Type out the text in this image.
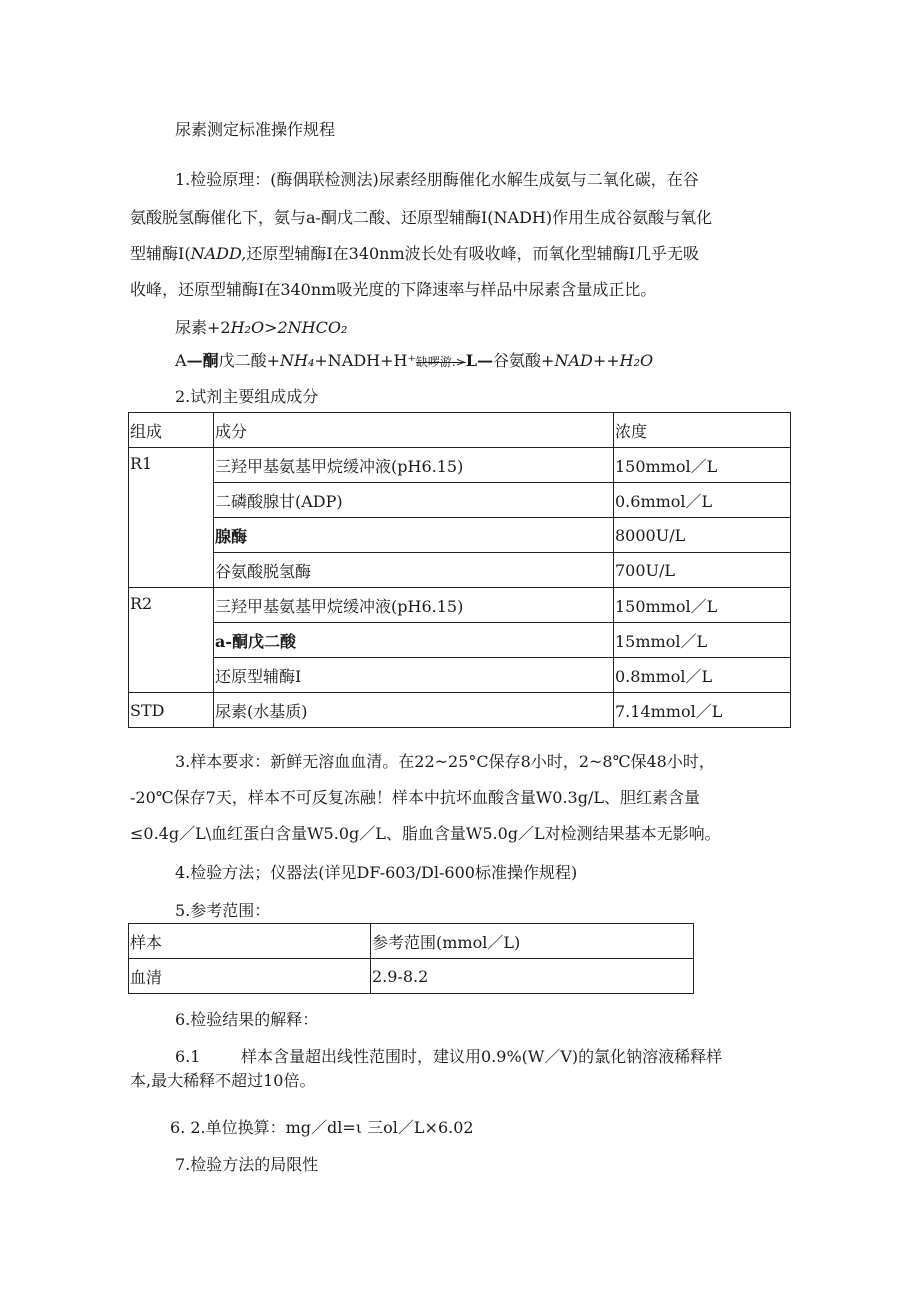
尿素测定标准操作规程
1.检验原理：(酶偶联检测法)尿素经朋酶催化水解生成氨与二氧化碳，在谷
氨酸脱氢酶催化下，氨与a-酮戊二酸、还原型辅酶Ⅰ(NADH)作用生成谷氨酸与氧化
型辅酶Ⅰ(NADD,还原型辅酶Ⅰ在340nm波长处有吸收峰，而氧化型辅酶Ⅰ几乎无吸
收峰，还原型辅酶Ⅰ在340nm吸光度的下降速率与样品中尿素含量成正比。
尿素+2H₂O>2NHCO₂
A—酮戊二酸+NH₄+NADH+H⁺缺啰游.>L—谷氨酸+NAD++H₂O
2.试剂主要组成成分
组成	成分	浓度
R1	三羟甲基氨基甲烷缓冲液(pH6.15)	150mmol／L
	二磷酸腺甘(ADP)	0.6mmol／L
	腺酶	8000U/L
	谷氨酸脱氢酶	700U/L
R2	三羟甲基氨基甲烷缓冲液(pH6.15)	150mmol／L
	a-酮戊二酸	15mmol／L
	还原型辅酶Ⅰ	0.8mmol／L
STD	尿素(水基质)	7.14mmol／L
3.样本要求：新鲜无溶血血清。在22~25°C保存8小时，2~8℃保48小时，
-20℃保存7天，样本不可反复冻融！样本中抗坏血酸含量W0.3g/L、胆红素含量
≤0.4g／L\血红蛋白含量W5.0g／L、脂血含量W5.0g／L对检测结果基本无影响。
4.检验方法；仪器法(详见DF-603/Dl-600标准操作规程)
5.参考范围：
样本	参考范围(mmol／L)
血清	2.9-8.2
6.检验结果的解释：
6.1	样本含量超出线性范围时，建议用0.9%(W／V)的氯化钠溶液稀释样
本,最大稀释不超过10倍。
6. 2.单位换算：mg／dl=ι 三ol／L×6.02
7.检验方法的局限性
